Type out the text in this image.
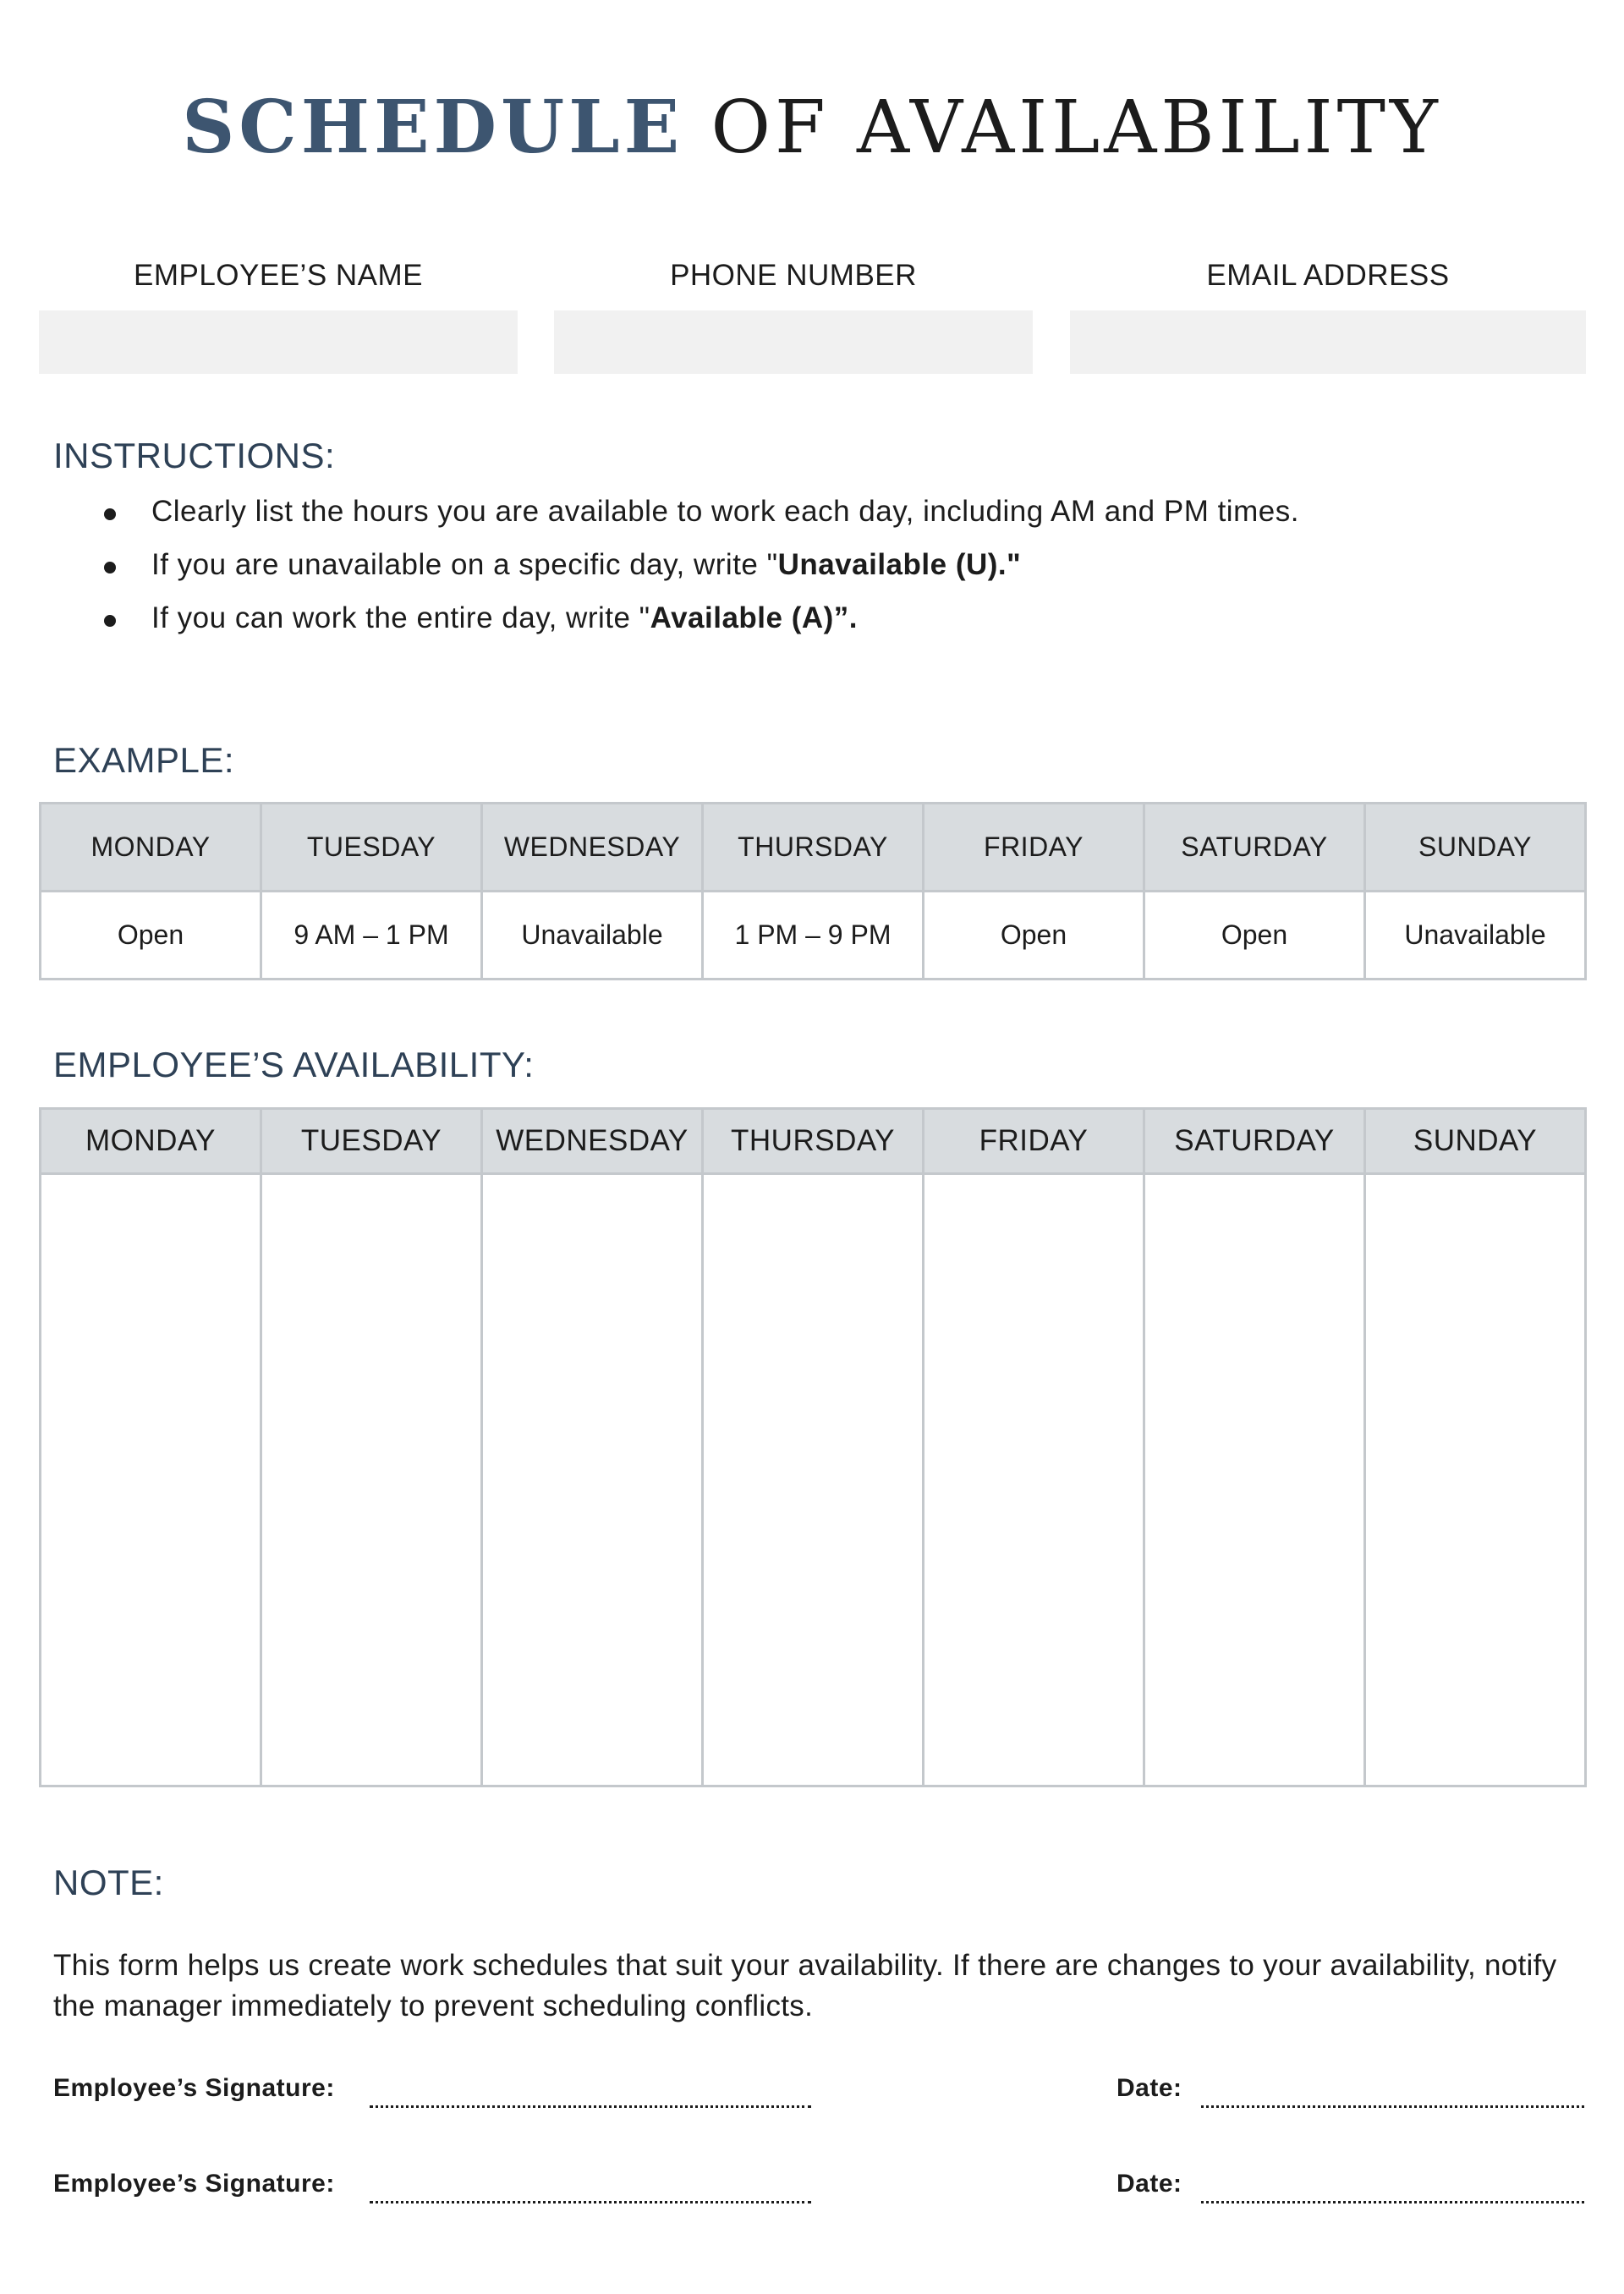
SCHEDULE OF AVAILABILITY
EMPLOYEE’S NAME	PHONE NUMBER	EMAIL ADDRESS
INSTRUCTIONS:
Clearly list the hours you are available to work each day, including AM and PM times.
If you are unavailable on a specific day, write "Unavailable (U)."
If you can work the entire day, write "Available (A)”.
EXAMPLE:
MONDAY	TUESDAY	WEDNESDAY	THURSDAY	FRIDAY	SATURDAY	SUNDAY
Open	9 AM – 1 PM	Unavailable	1 PM – 9 PM	Open	Open	Unavailable
EMPLOYEE’S AVAILABILITY:
MONDAY	TUESDAY	WEDNESDAY	THURSDAY	FRIDAY	SATURDAY	SUNDAY

NOTE:
This form helps us create work schedules that suit your availability. If there are changes to your availability, notify the manager immediately to prevent scheduling conflicts.
Employee’s Signature:	Date:
Employee’s Signature:	Date:
